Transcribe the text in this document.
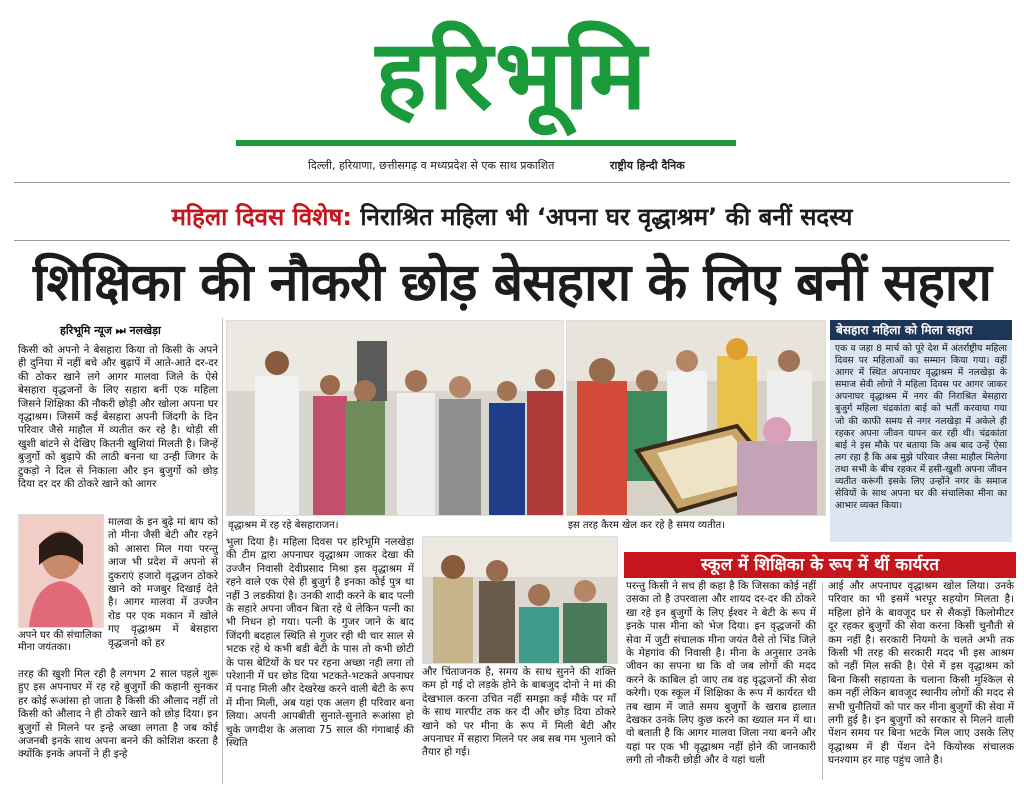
हरिभूमि
दिल्ली, हरियाणा, छत्तीसगढ़ व मध्यप्रदेश से एक साथ प्रकाशित	राष्ट्रीय हिन्दी दैनिक
महिला दिवस विशेष: निराश्रित महिला भी ‘अपना घर वृद्धाश्रम’ की बनीं सदस्य
शिक्षिका की नौकरी छोड़ बेसहारा के लिए बनीं सहारा
हरिभूमि न्यूज ⏭ नलखेड़ा
किसी को अपनो ने बेसहारा किया तो किसी के अपने ही दुनिया में नहीं बचे और बुढ़ापें में आते-आते दर-दर की ठोकर खाने लगे आगर मालवा जिले के ऐसे बेसहारा वृद्धजनों के लिए सहारा बनीं एक महिला जिसने शिक्षिका की नौकरी छोड़ी और खोला अपना घर वृद्धाश्रम। जिसमें कई बेसहारा अपनी जिंदगी के दिन परिवार जैसे माहौल में व्यतीत कर रहे है। थोड़ी सी खुशी बांटने से देखिए कितनी खुशियां मिलती है। जिन्हें बुजुर्गो को बुढ़ापे की लाठी बनना था उन्ही जिगर के टुकड़ो ने दिल से निकाला और इन बुजुर्गो को छोड़ दिया दर दर की ठोकरे खाने को आगर
मालवा के इन बुढ़े मां बाप को तो मीना जैसी बेटी और रहने को आसरा मिल गया परन्तु आज भी प्रदेश में अपनो से दुकराएं हजारो वृद्धजन ठोकरे खाने को मजबुर दिखाई देते है। आगर मालवा में उज्जैन रोड पर एक मकान में खोले गए वृद्धाश्रम में बेसहारा वृद्धजनो को हर
अपने घर की संचालिका मीना जयंतका।
तरह की खुशी मिल रही है लगभग 2 साल पहले शुरू हुए इस अपनाघर में रह रहे बुजुर्गो की कहानी सुनकर हर कोई रूआंसा हो जाता है किसी की औलाद नहीं तो किसी को औलाद ने ही ठोकरे खाने को छोड़ दिया। इन बुजुर्गो से मिलने पर इन्हे अच्छा लगता है जब कोई अजनबी इनके साथ अपना बनने की कोशिश करता है क्योंकि इनके अपनों ने ही इन्हे
वृद्धाश्रम में रह रहे बेसहाराजन।	इस तरह कैरम खेल कर रहे है समय व्यतीत।
बेसहारा महिला को मिला सहारा
एक व जहा 8 मार्च को पूरे देश में अंतर्राष्ट्रीय महिला दिवस पर महिलाओं का सम्मान किया गया। वहीं आगर में स्थित अपनाघर वृद्धाश्रम में नलखेड़ा के समाज सेवी लोगो ने महिला दिवस पर आगर जाकर अपनाघर वृद्धाश्रम में नगर की निराश्रित बेसहारा बुजुर्ग महिला चंद्रकांता बाई को भर्ती करवाया गया जो की काफी समय से नगर नलखेड़ा में अकेले ही रहकर अपना जीवन यापन कर रही थी। चंद्रकांता बाई ने इस मौके पर बताया कि अब बाद उन्हें ऐसा लग रहा है कि अब मुझे परिवार जैसा माहौल मिलेगा तथा सभी के बीच रहकर में हसी-खुशी अपना जीवन व्यतीत करूंगी इसके लिए उन्होंने नगर के समाज सेवियों के साथ अपना घर की संचालिका मीना का आभार व्यक्त किया।
भुला दिया है। महिला दिवस पर हरिभूमि नलखेड़ा की टीम द्वारा अपनाघर वृद्धाश्रम जाकर देखा की उज्जैन निवासी देवीप्रसाद मिश्रा इस वृद्धाश्रम में रहने वाले एक ऐसे ही बुजुर्ग है इनका कोई पुत्र था नहीं 3 लडकीयां है। उनकी शादी करने के बाद पत्नी के सहारे अपना जीवन बिता रहे थे लेकिन पत्नी का भी निधन हो गया। पत्नी के गुजर जाने के बाद जिंदगी बदहाल स्थिति से गुजर रही थी चार साल से भटक रहे थे कभी बडी बेटी के पास तो कभी छोटी के पास बेटियों के घर पर रहना अच्छा नही लगा तो परेशानी में घर छोड दिया भटकते-भटकते अपनाघर में पनाह मिली और देखरेख करने वाली बेटी के रूप में मीना मिली, अब यहां एक अलग ही परिवार बना लिया। अपनी आपबीती सुनाते-सुनाते रूआंसा हो चुके जगदीश के अलावा 75 साल की गंगाबाई की स्थिति
और चिंताजनक है, समय के साथ सुनने की शक्ति कम हो गई दो लड़के होने के बाबजुद दोनो ने मां की देखभाल करना उचित नहीं समझा कई मौके पर माँ के साथ मारपीट तक कर दी और छोड़ दिया ठोकरे खाने को पर मीना के रूप में मिली बेटी और अपनाघर में सहारा मिलने पर अब सब गम भुलाने को तैयार हो गई।
स्कूल में शिक्षिका के रूप में थीं कार्यरत
परन्तु किसी ने सच ही कहा है कि जिसका कोई नहीं उसका तो है उपरवाला और शायद दर-दर की ठोकरे खा रहे इन बुजुर्गो के लिए ईश्वर ने बेटी के रूप में इनके पास मीना को भेज दिया। इन वृद्धजनों की सेवा में जुटी संचालक मीना जयंत वैसे तो भिंड जिले के मेहगांव की निवासी है। मीना के अनुसार उनके जीवन का सपना था कि वो जब लोगों की मदद करने के काबिल हो जाए तब वह वृद्धजनों की सेवा करेगी। एक स्कूल में शिक्षिका के रूप में कार्यरत थी तब खाम में जाते समय बुजुर्गो के खराब हालात देखकर उनके लिए कुछ करने का ख्याल मन में था। वो बताती है कि आगर मालवा जिला नया बनने और यहां पर एक भी वृद्धाश्रम नहीं होने की जानकारी लगी तो नौकरी छोड़ी और वे यहां चली
आई और अपनाघर वृद्धाश्रम खोल लिया। उनके परिवार का भी इसमें भरपूर सहयोग मिलता है। महिला होने के बावजूद घर से सैकड़ों किलोमीटर दूर रहकर बुजुर्गो की सेवा करना किसी चुनौती से कम नहीं है। सरकारी नियमो के चलते अभी तक किसी भी तरह की सरकारी मदद भी इस आश्रम को नहीं मिल सकी है। ऐसे में इस वृद्धाश्रम को बिना किसी सहायता के चलाना किसी मुश्किल से कम नहीं लेकिन बावजूद स्थानीय लोगों की मदद से सभी चुनौतियों को पार कर मीना बुजुर्गो की सेवा में लगी हुई है। इन बुजुर्गो को सरकार से मिलने वाली पेंशन समय पर बिना भटके मिल जाए उसके लिए वृद्धाश्रम में ही पेंशन देने कियोस्क संचालक घनश्याम हर माह पहुंच जाते है।
